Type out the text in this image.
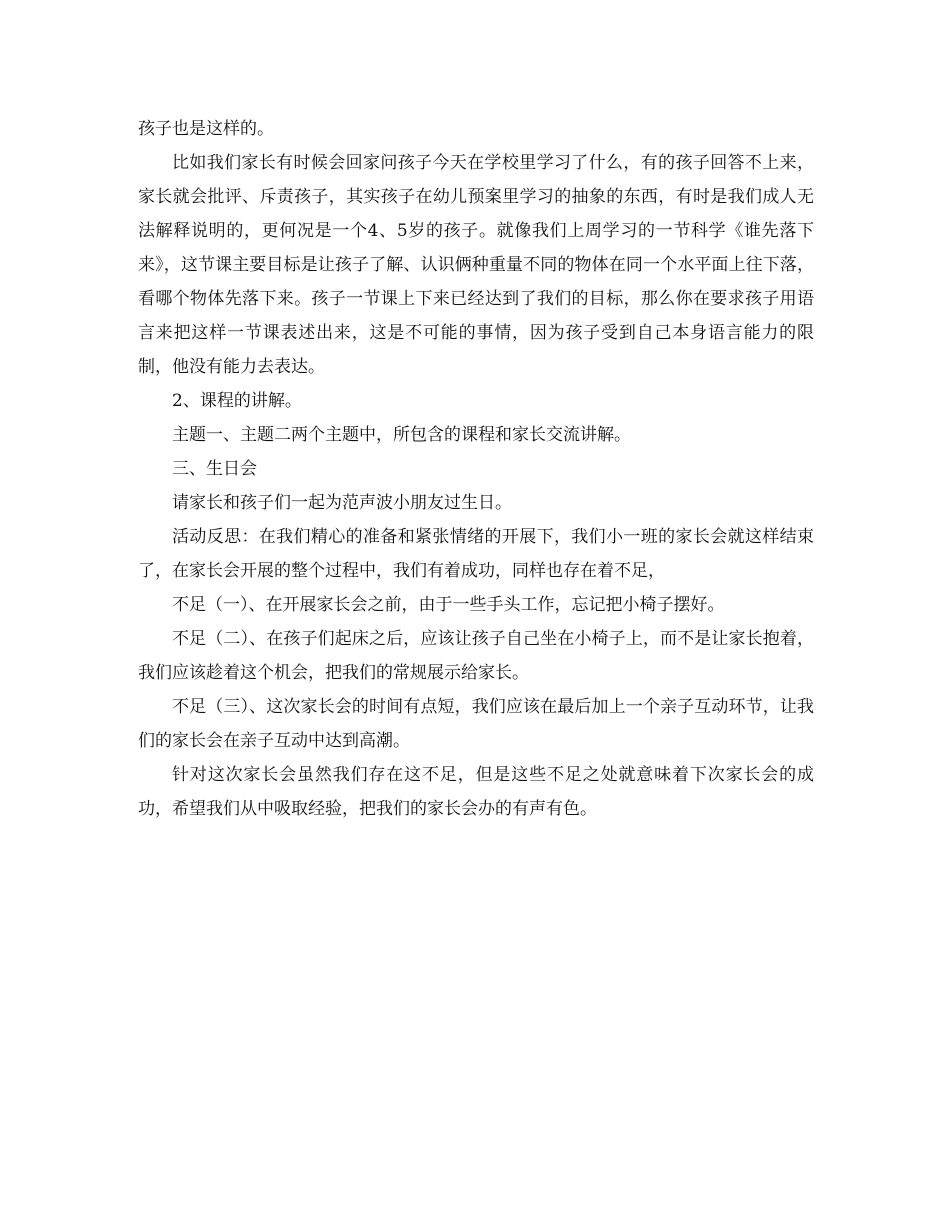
孩子也是这样的。

比如我们家长有时候会回家问孩子今天在学校里学习了什么，有的孩子回答不上来，家长就会批评、斥责孩子，其实孩子在幼儿预案里学习的抽象的东西，有时是我们成人无法解释说明的，更何况是一个4、5岁的孩子。就像我们上周学习的一节科学《谁先落下来》，这节课主要目标是让孩子了解、认识俩种重量不同的物体在同一个水平面上往下落，看哪个物体先落下来。孩子一节课上下来已经达到了我们的目标，那么你在要求孩子用语言来把这样一节课表述出来，这是不可能的事情，因为孩子受到自己本身语言能力的限制，他没有能力去表达。

2、课程的讲解。

主题一、主题二两个主题中，所包含的课程和家长交流讲解。

三、生日会

请家长和孩子们一起为范声波小朋友过生日。

活动反思：在我们精心的准备和紧张情绪的开展下，我们小一班的家长会就这样结束了，在家长会开展的整个过程中，我们有着成功，同样也存在着不足，

不足（一）、在开展家长会之前，由于一些手头工作，忘记把小椅子摆好。

不足（二）、在孩子们起床之后，应该让孩子自己坐在小椅子上，而不是让家长抱着，我们应该趁着这个机会，把我们的常规展示给家长。

不足（三）、这次家长会的时间有点短，我们应该在最后加上一个亲子互动环节，让我们的家长会在亲子互动中达到高潮。

针对这次家长会虽然我们存在这不足，但是这些不足之处就意味着下次家长会的成功，希望我们从中吸取经验，把我们的家长会办的有声有色。
